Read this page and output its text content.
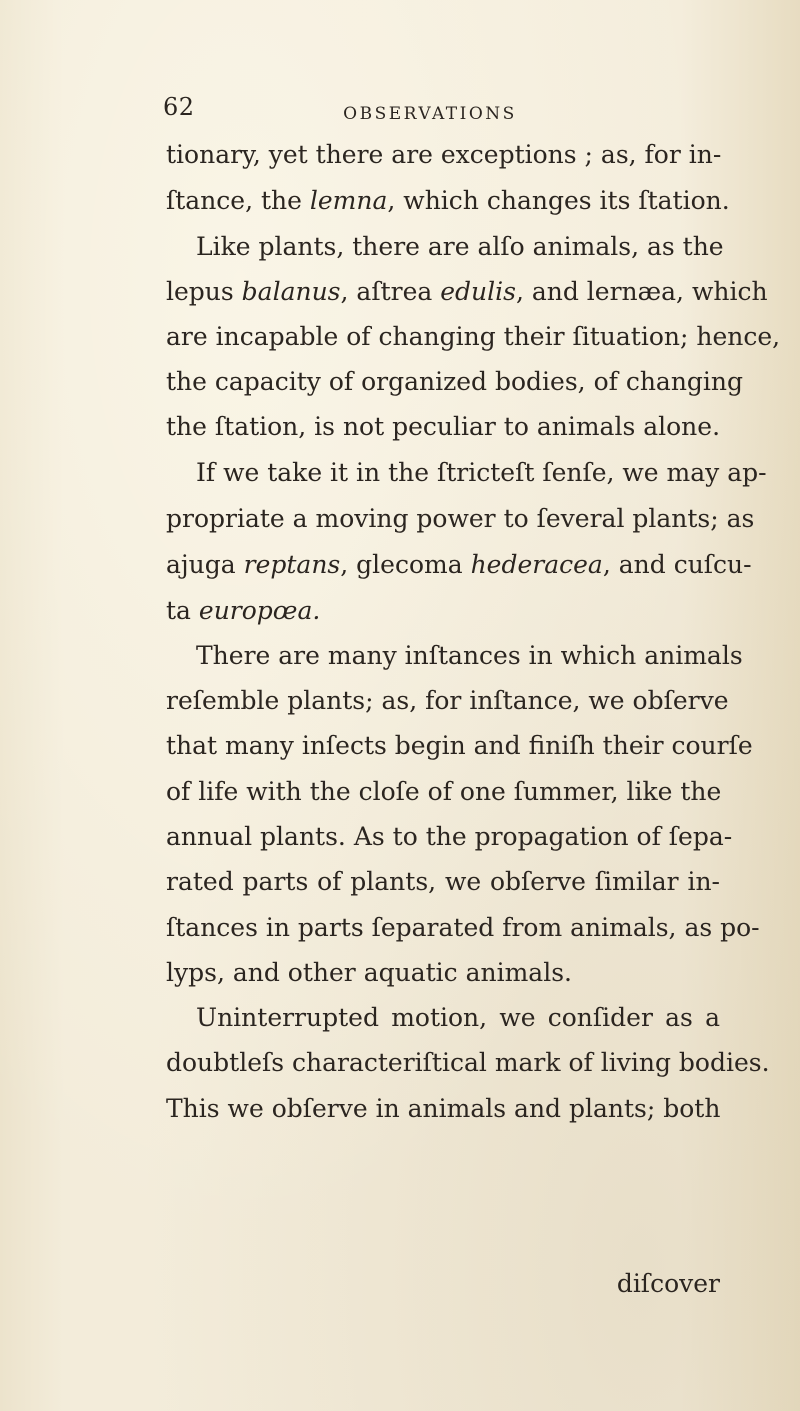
62	OBSERVATIONS
tionary, yet there are exceptions ; as, for in-
ſtance, the lemna, which changes its ſtation.
Like plants, there are alſo animals, as the
lepus balanus, aſtrea edulis, and lernæa, which
are incapable of changing their ſituation; hence,
the capacity of organized bodies, of changing
the ſtation, is not peculiar to animals alone.
If we take it in the ſtricteſt ſenſe, we may ap-
propriate a moving power to ſeveral plants; as
ajuga reptans, glecoma hederacea, and cuſcu-
ta europœa.
There are many inſtances in which animals
reſemble plants; as, for inſtance, we obſerve
that many inſects begin and finiſh their courſe
of life with the cloſe of one ſummer, like the
annual plants. As to the propagation of ſepa-
rated parts of plants, we obſerve ſimilar in-
ſtances in parts ſeparated from animals, as po-
lyps, and other aquatic animals.
Uninterrupted motion, we conſider as a
doubtleſs characteriſtical mark of living bodies.
This we obſerve in animals and plants; both
diſcover
